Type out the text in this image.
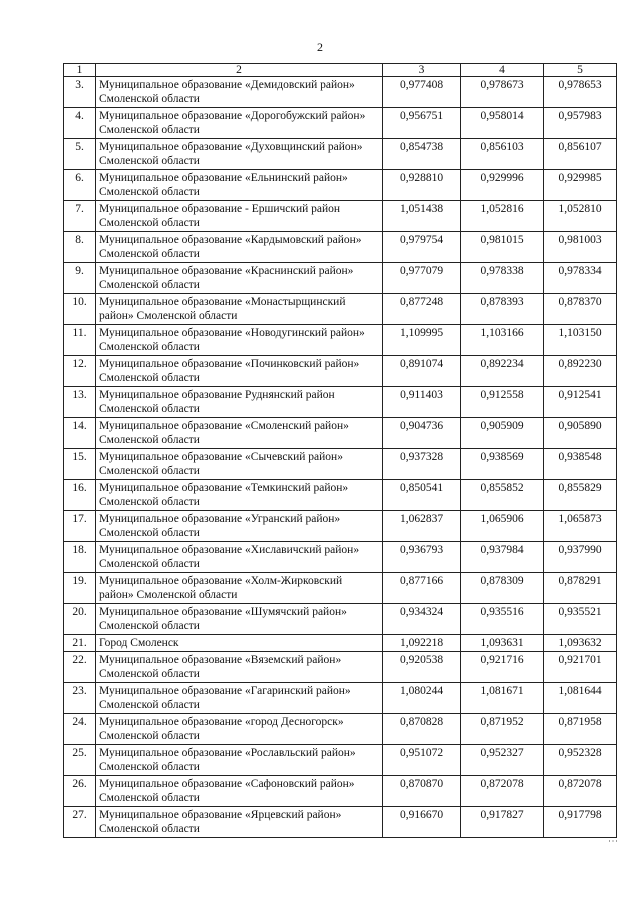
2
1	2	3	4	5
3.	Муниципальное образование «Демидовский район» Смоленской области	0,977408	0,978673	0,978653
4.	Муниципальное образование «Дорогобужский район» Смоленской области	0,956751	0,958014	0,957983
5.	Муниципальное образование «Духовщинский район» Смоленской области	0,854738	0,856103	0,856107
6.	Муниципальное образование «Ельнинский район» Смоленской области	0,928810	0,929996	0,929985
7.	Муниципальное образование - Ершичский район Смоленской области	1,051438	1,052816	1,052810
8.	Муниципальное образование «Кардымовский район» Смоленской области	0,979754	0,981015	0,981003
9.	Муниципальное образование «Краснинский район» Смоленской области	0,977079	0,978338	0,978334
10.	Муниципальное образование «Монастырщинский район» Смоленской области	0,877248	0,878393	0,878370
11.	Муниципальное образование «Новодугинский район» Смоленской области	1,109995	1,103166	1,103150
12.	Муниципальное образование «Починковский район» Смоленской области	0,891074	0,892234	0,892230
13.	Муниципальное образование Руднянский район Смоленской области	0,911403	0,912558	0,912541
14.	Муниципальное образование «Смоленский район» Смоленской области	0,904736	0,905909	0,905890
15.	Муниципальное образование «Сычевский район» Смоленской области	0,937328	0,938569	0,938548
16.	Муниципальное образование «Темкинский район» Смоленской области	0,850541	0,855852	0,855829
17.	Муниципальное образование «Угранский район» Смоленской области	1,062837	1,065906	1,065873
18.	Муниципальное образование «Хиславичский район» Смоленской области	0,936793	0,937984	0,937990
19.	Муниципальное образование «Холм-Жирковский район» Смоленской области	0,877166	0,878309	0,878291
20.	Муниципальное образование «Шумячский район» Смоленской области	0,934324	0,935516	0,935521
21.	Город Смоленск	1,092218	1,093631	1,093632
22.	Муниципальное образование «Вяземский район» Смоленской области	0,920538	0,921716	0,921701
23.	Муниципальное образование «Гагаринский район» Смоленской области	1,080244	1,081671	1,081644
24.	Муниципальное образование «город Десногорск» Смоленской области	0,870828	0,871952	0,871958
25.	Муниципальное образование «Рославльский район» Смоленской области	0,951072	0,952327	0,952328
26.	Муниципальное образование «Сафоновский район» Смоленской области	0,870870	0,872078	0,872078
27.	Муниципальное образование «Ярцевский район» Смоленской области	0,916670	0,917827	0,917798
⋮
